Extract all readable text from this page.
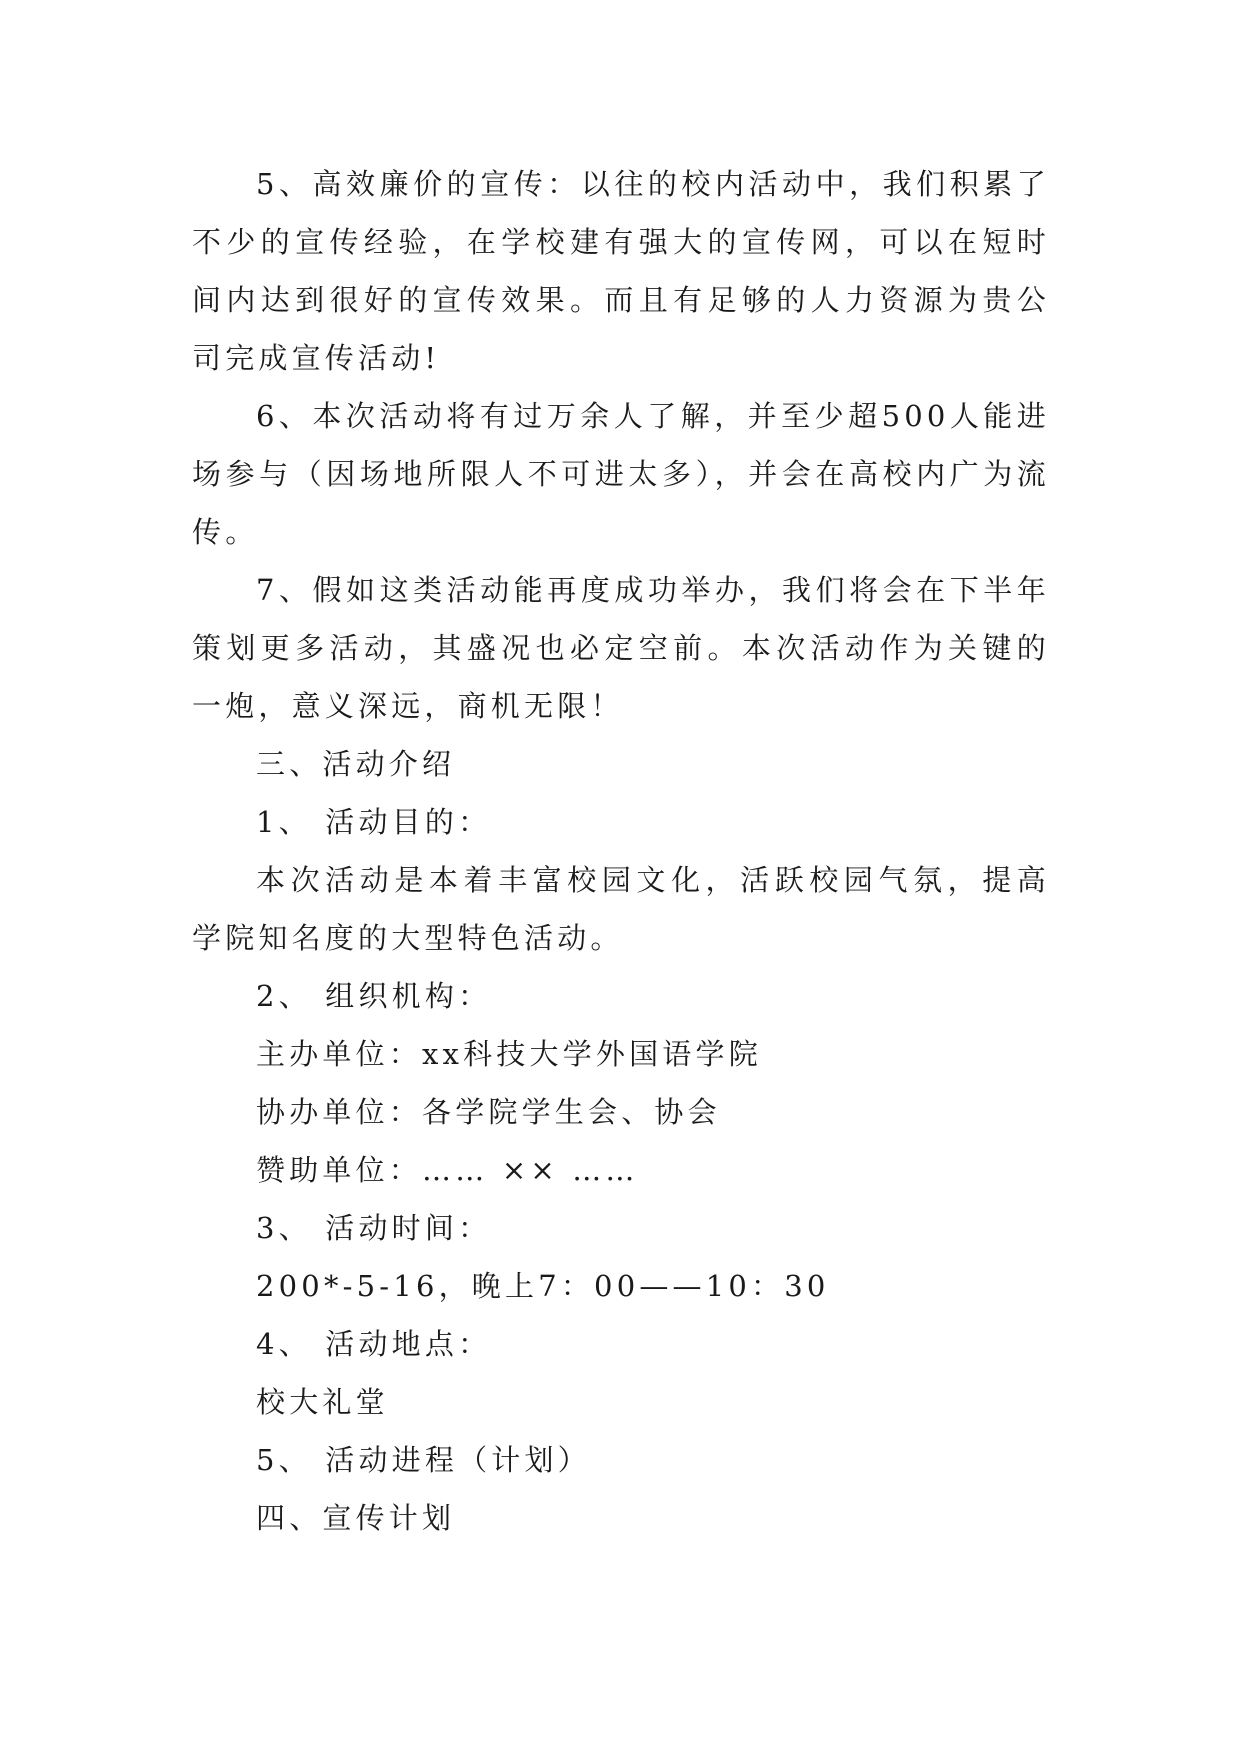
5、高效廉价的宣传：以往的校内活动中，我们积累了不少的宣传经验，在学校建有强大的宣传网，可以在短时间内达到很好的宣传效果。而且有足够的人力资源为贵公司完成宣传活动!

6、本次活动将有过万余人了解，并至少超500人能进场参与（因场地所限人不可进太多），并会在高校内广为流传。

7、假如这类活动能再度成功举办，我们将会在下半年策划更多活动，其盛况也必定空前。本次活动作为关键的一炮，意义深远，商机无限！

三、活动介绍

1、 活动目的：

本次活动是本着丰富校园文化，活跃校园气氛，提高学院知名度的大型特色活动。

2、 组织机构：

主办单位：xx科技大学外国语学院

协办单位：各学院学生会、协会

赞助单位：…… ×× ……

3、 活动时间：

200*-5-16，晚上7：00——10：30

4、 活动地点：

校大礼堂

5、 活动进程（计划）

四、宣传计划
